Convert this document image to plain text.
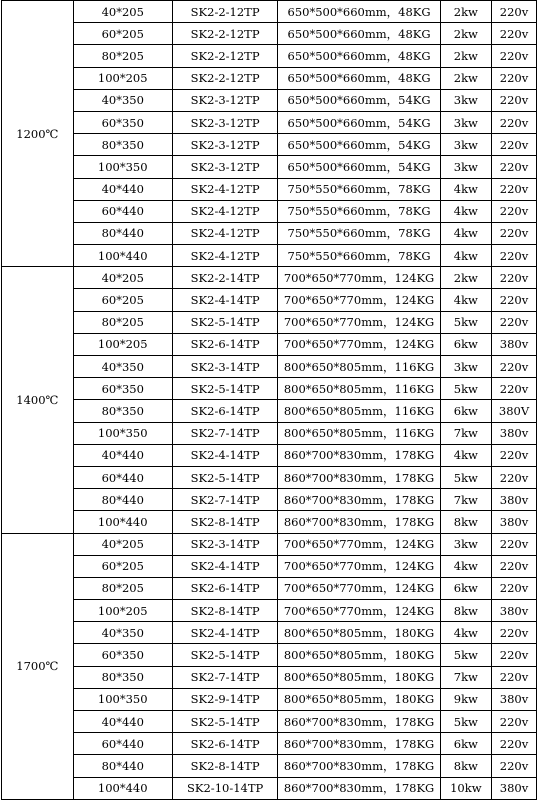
1200℃	40*205	SK2-2-12TP	650*500*660mm，48KG	2kw	220v
	60*205	SK2-2-12TP	650*500*660mm，48KG	2kw	220v
	80*205	SK2-2-12TP	650*500*660mm，48KG	2kw	220v
	100*205	SK2-2-12TP	650*500*660mm，48KG	2kw	220v
	40*350	SK2-3-12TP	650*500*660mm，54KG	3kw	220v
	60*350	SK2-3-12TP	650*500*660mm，54KG	3kw	220v
	80*350	SK2-3-12TP	650*500*660mm，54KG	3kw	220v
	100*350	SK2-3-12TP	650*500*660mm，54KG	3kw	220v
	40*440	SK2-4-12TP	750*550*660mm，78KG	4kw	220v
	60*440	SK2-4-12TP	750*550*660mm，78KG	4kw	220v
	80*440	SK2-4-12TP	750*550*660mm，78KG	4kw	220v
	100*440	SK2-4-12TP	750*550*660mm，78KG	4kw	220v
1400℃	40*205	SK2-2-14TP	700*650*770mm，124KG	2kw	220v
	60*205	SK2-4-14TP	700*650*770mm，124KG	4kw	220v
	80*205	SK2-5-14TP	700*650*770mm，124KG	5kw	220v
	100*205	SK2-6-14TP	700*650*770mm，124KG	6kw	380v
	40*350	SK2-3-14TP	800*650*805mm，116KG	3kw	220v
	60*350	SK2-5-14TP	800*650*805mm，116KG	5kw	220v
	80*350	SK2-6-14TP	800*650*805mm，116KG	6kw	380V
	100*350	SK2-7-14TP	800*650*805mm，116KG	7kw	380v
	40*440	SK2-4-14TP	860*700*830mm，178KG	4kw	220v
	60*440	SK2-5-14TP	860*700*830mm，178KG	5kw	220v
	80*440	SK2-7-14TP	860*700*830mm，178KG	7kw	380v
	100*440	SK2-8-14TP	860*700*830mm，178KG	8kw	380v
1700℃	40*205	SK2-3-14TP	700*650*770mm，124KG	3kw	220v
	60*205	SK2-4-14TP	700*650*770mm，124KG	4kw	220v
	80*205	SK2-6-14TP	700*650*770mm，124KG	6kw	220v
	100*205	SK2-8-14TP	700*650*770mm，124KG	8kw	380v
	40*350	SK2-4-14TP	800*650*805mm，180KG	4kw	220v
	60*350	SK2-5-14TP	800*650*805mm，180KG	5kw	220v
	80*350	SK2-7-14TP	800*650*805mm，180KG	7kw	220v
	100*350	SK2-9-14TP	800*650*805mm，180KG	9kw	380v
	40*440	SK2-5-14TP	860*700*830mm，178KG	5kw	220v
	60*440	SK2-6-14TP	860*700*830mm，178KG	6kw	220v
	80*440	SK2-8-14TP	860*700*830mm，178KG	8kw	220v
	100*440	SK2-10-14TP	860*700*830mm，178KG	10kw	380v
